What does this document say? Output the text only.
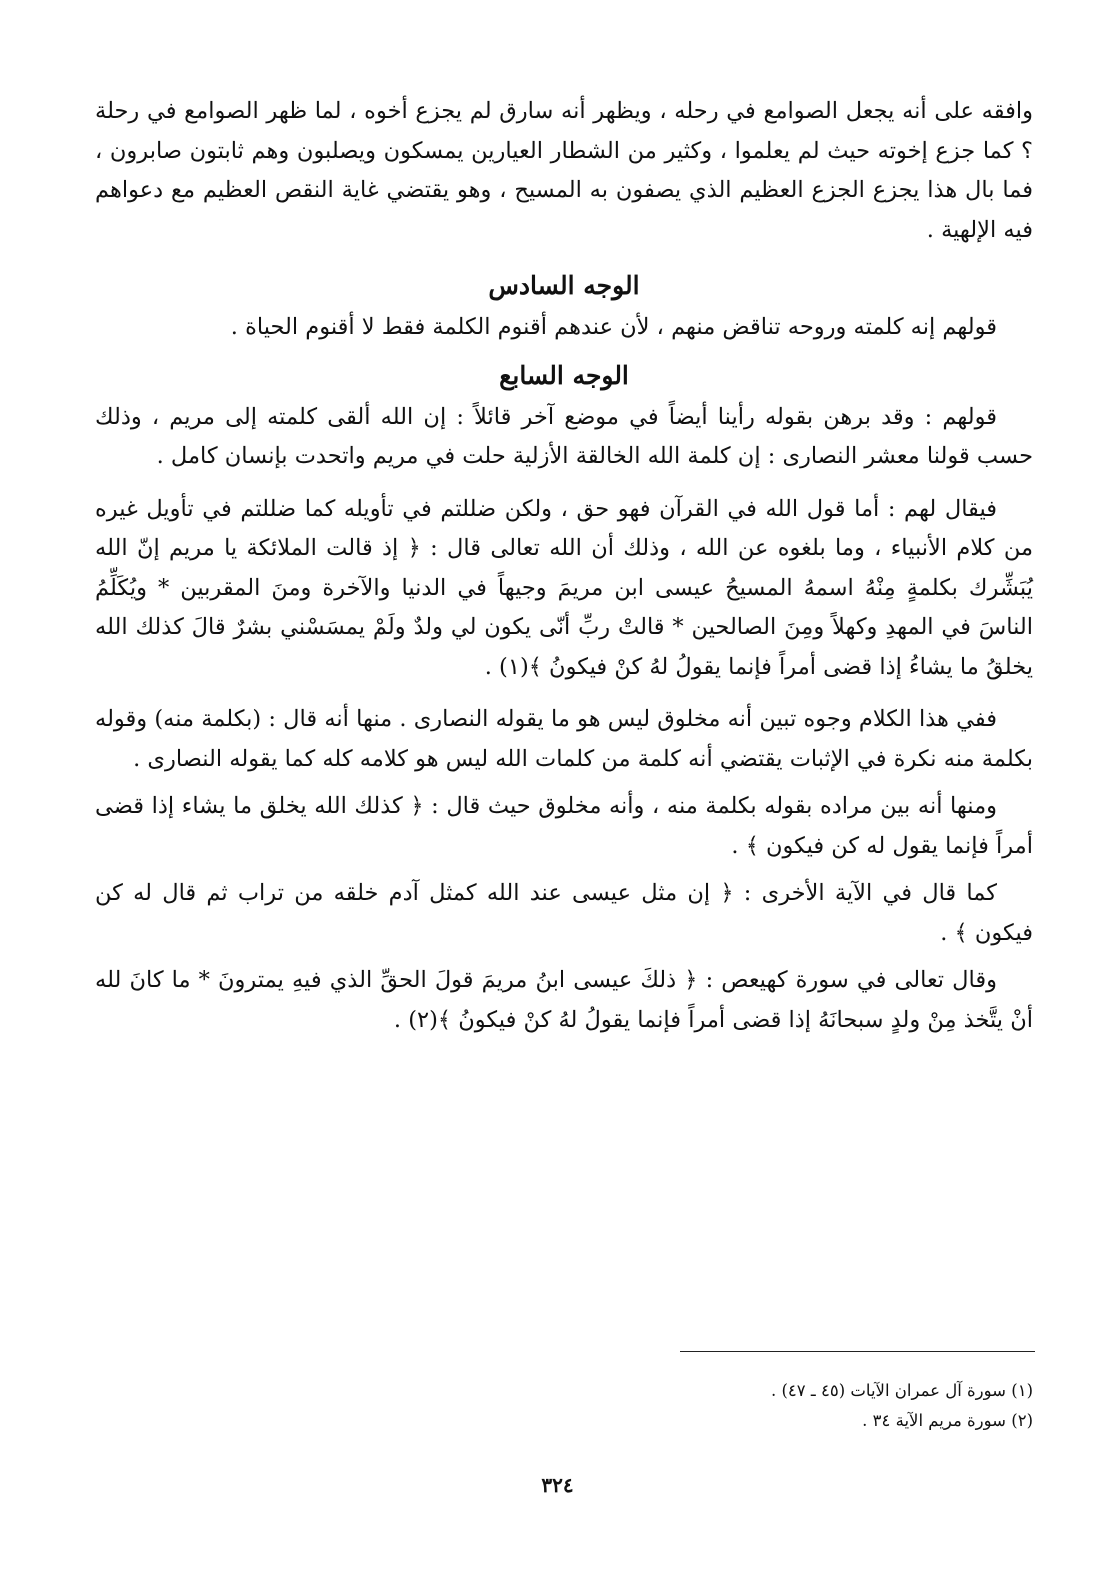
وافقه على أنه يجعل الصوامع في رحله ، ويظهر أنه سارق لم يجزع أخوه ، لما ظهر الصوامع في رحلة ؟ كما جزع إخوته حيث لم يعلموا ، وكثير من الشطار العيارين يمسكون ويصلبون وهم ثابتون صابرون ، فما بال هذا يجزع الجزع العظيم الذي يصفون به المسيح ، وهو يقتضي غاية النقص العظيم مع دعواهم فيه الإلهية .

الوجه السادس

قولهم إنه كلمته وروحه تناقض منهم ، لأن عندهم أقنوم الكلمة فقط لا أقنوم الحياة .

الوجه السابع

قولهم : وقد برهن بقوله رأينا أيضاً في موضع آخر قائلاً : إن الله ألقى كلمته إلى مريم ، وذلك حسب قولنا معشر النصارى : إن كلمة الله الخالقة الأزلية حلت في مريم واتحدت بإنسان كامل .

فيقال لهم : أما قول الله في القرآن فهو حق ، ولكن ضللتم في تأويله كما ضللتم في تأويل غيره من كلام الأنبياء ، وما بلغوه عن الله ، وذلك أن الله تعالى قال : ﴿ إذ قالت الملائكة يا مريم إنّ الله يُبَشِّرك بكلمةٍ مِنْهُ اسمهُ المسيحُ عيسى ابن مريمَ وجيهاً في الدنيا والآخرة ومنَ المقربين * ويُكَلِّمُ الناسَ في المهدِ وكهلاً ومِنَ الصالحين * قالتْ ربِّ أنّى يكون لي ولدٌ ولَمْ يمسَسْني بشرٌ قالَ كذلك الله يخلقُ ما يشاءُ إذا قضى أمراً فإنما يقولُ لهُ كنْ فيكونُ ﴾(١) .

ففي هذا الكلام وجوه تبين أنه مخلوق ليس هو ما يقوله النصارى . منها أنه قال : (بكلمة منه) وقوله بكلمة منه نكرة في الإثبات يقتضي أنه كلمة من كلمات الله ليس هو كلامه كله كما يقوله النصارى .

ومنها أنه بين مراده بقوله بكلمة منه ، وأنه مخلوق حيث قال : ﴿ كذلك الله يخلق ما يشاء إذا قضى أمراً فإنما يقول له كن فيكون ﴾ .

كما قال في الآية الأخرى : ﴿ إن مثل عيسى عند الله كمثل آدم خلقه من تراب ثم قال له كن فيكون ﴾ .

وقال تعالى في سورة كهيعص : ﴿ ذلكَ عيسى ابنُ مريمَ قولَ الحقِّ الذي فيهِ يمترونَ * ما كانَ لله أنْ يتَّخذ مِنْ ولدٍ سبحانَهُ إذا قضى أمراً فإنما يقولُ لهُ كنْ فيكونُ ﴾(٢) .

(١) سورة آل عمران الآيات (٤٥ ـ ٤٧) .
(٢) سورة مريم الآية ٣٤ .
٣٢٤
